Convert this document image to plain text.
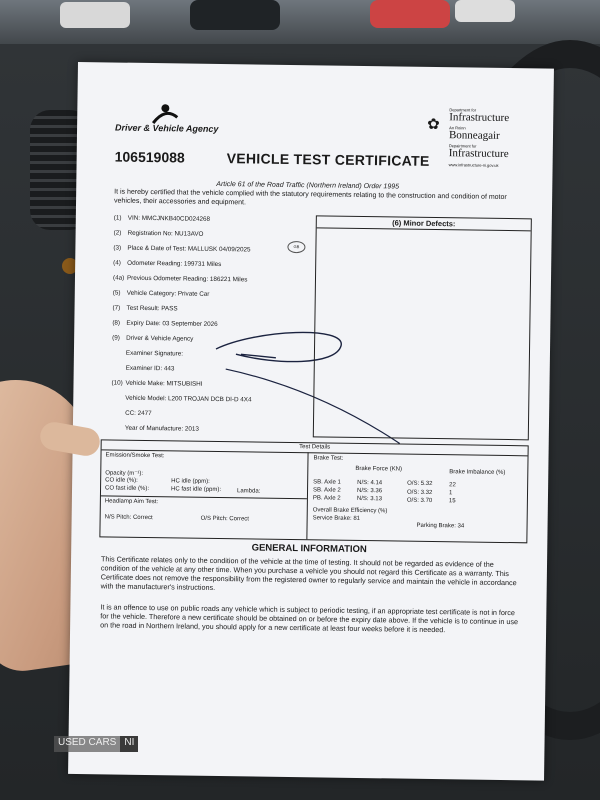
Driver & Vehicle Agency	✿
Department for
Infrastructure
An Roinn
Bonneagair
Depairtment fur
Infrastructure
www.infrastructure-ni.gov.uk
106519088	VEHICLE TEST CERTIFICATE
Article 61 of the Road Traffic (Northern Ireland) Order 1995
It is hereby certified that the vehicle complied with the statutory requirements relating to the construction and condition of motor vehicles, their accessories and equipment.
(1) VIN: MMCJNKB40CD024268
(2) Registration No: NU13AVO
(3) Place & Date of Test: MALLUSK 04/09/2025
(4) Odometer Reading: 199731 Miles
(4a) Previous Odometer Reading: 186221 Miles
(5) Vehicle Category: Private Car
(7) Test Result: PASS
(8) Expiry Date: 03 September 2026
(9) Driver & Vehicle Agency
Examiner Signature:
Examiner ID: 443
(10) Vehicle Make: MITSUBISHI
Vehicle Model: L200 TROJAN DCB DI-D 4X4
CC: 2477
Year of Manufacture: 2013
GB
(6) Minor Defects:
Test Details
Emission/Smoke Test:
Opacity (m⁻¹):
CO idle (%):
CO fast idle (%):
HC idle (ppm):
HC fast idle (ppm):	Lambda:
Headlamp Aim Test:
N/S Pitch: Correct	O/S Pitch: Correct
Brake Test:
Brake Force (KN)	Brake Imbalance (%)
SB. Axle 1	N/S: 4.14	O/S: 5.32	22
SB. Axle 2	N/S: 3.36	O/S: 3.32	1
PB. Axle 2	N/S: 3.13	O/S: 3.70	15
Overall Brake Efficiency (%)
Service Brake: 81
Parking Brake: 34
GENERAL INFORMATION
This Certificate relates only to the condition of the vehicle at the time of testing. It should not be regarded as evidence of the condition of the vehicle at any other time. When you purchase a vehicle you should not regard this Certificate as a warranty. This Certificate does not remove the responsibility from the registered owner to regularly service and maintain the vehicle in accordance with the manufacturer's instructions.
It is an offence to use on public roads any vehicle which is subject to periodic testing, if an appropriate test certificate is not in force for the vehicle. Therefore a new certificate should be obtained on or before the expiry date above. If the vehicle is to continue in use on the road in Northern Ireland, you should apply for a new certificate at least four weeks before it is needed.
USED CARS NI
